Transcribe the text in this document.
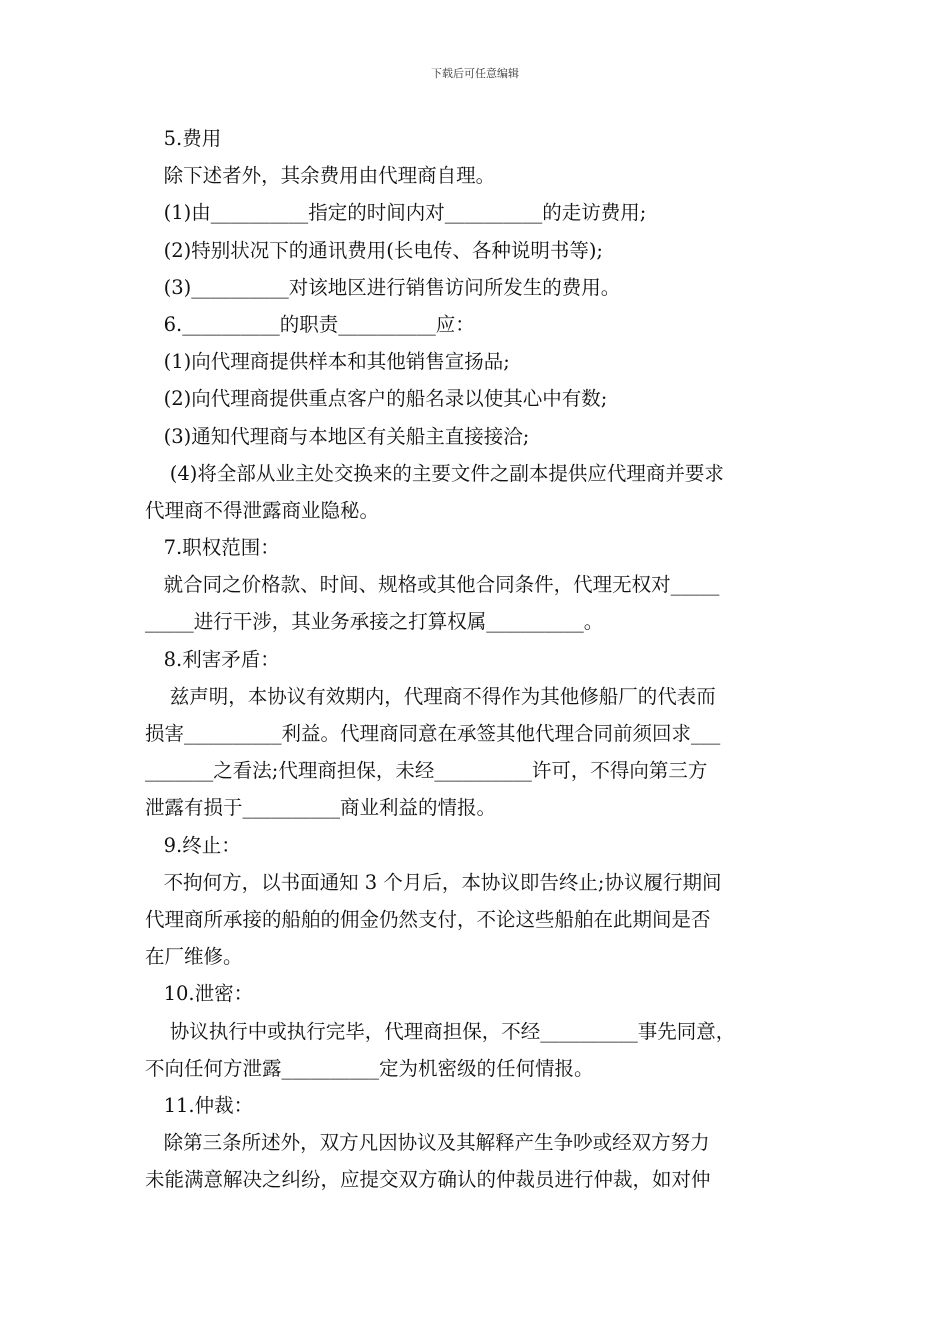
下载后可任意编辑
5.费用
除下述者外，其余费用由代理商自理。
(1)由__________指定的时间内对__________的走访费用;
(2)特别状况下的通讯费用(长电传、各种说明书等);
(3)__________对该地区进行销售访问所发生的费用。
6.__________的职责__________应：
(1)向代理商提供样本和其他销售宣扬品;
(2)向代理商提供重点客户的船名录以使其心中有数;
(3)通知代理商与本地区有关船主直接接洽;
(4)将全部从业主处交换来的主要文件之副本提供应代理商并要求
代理商不得泄露商业隐秘。
7.职权范围：
就合同之价格款、时间、规格或其他合同条件，代理无权对_____
_____进行干涉，其业务承接之打算权属__________。
8.利害矛盾：
兹声明，本协议有效期内，代理商不得作为其他修船厂的代表而
损害__________利益。代理商同意在承签其他代理合同前须回求___
_______之看法;代理商担保，未经__________许可，不得向第三方
泄露有损于__________商业利益的情报。
9.终止：
不拘何方，以书面通知 3 个月后，本协议即告终止;协议履行期间
代理商所承接的船舶的佣金仍然支付，不论这些船舶在此期间是否
在厂维修。
10.泄密：
协议执行中或执行完毕，代理商担保，不经__________事先同意，
不向任何方泄露__________定为机密级的任何情报。
11.仲裁：
除第三条所述外，双方凡因协议及其解释产生争吵或经双方努力
未能满意解决之纠纷，应提交双方确认的仲裁员进行仲裁，如对仲
